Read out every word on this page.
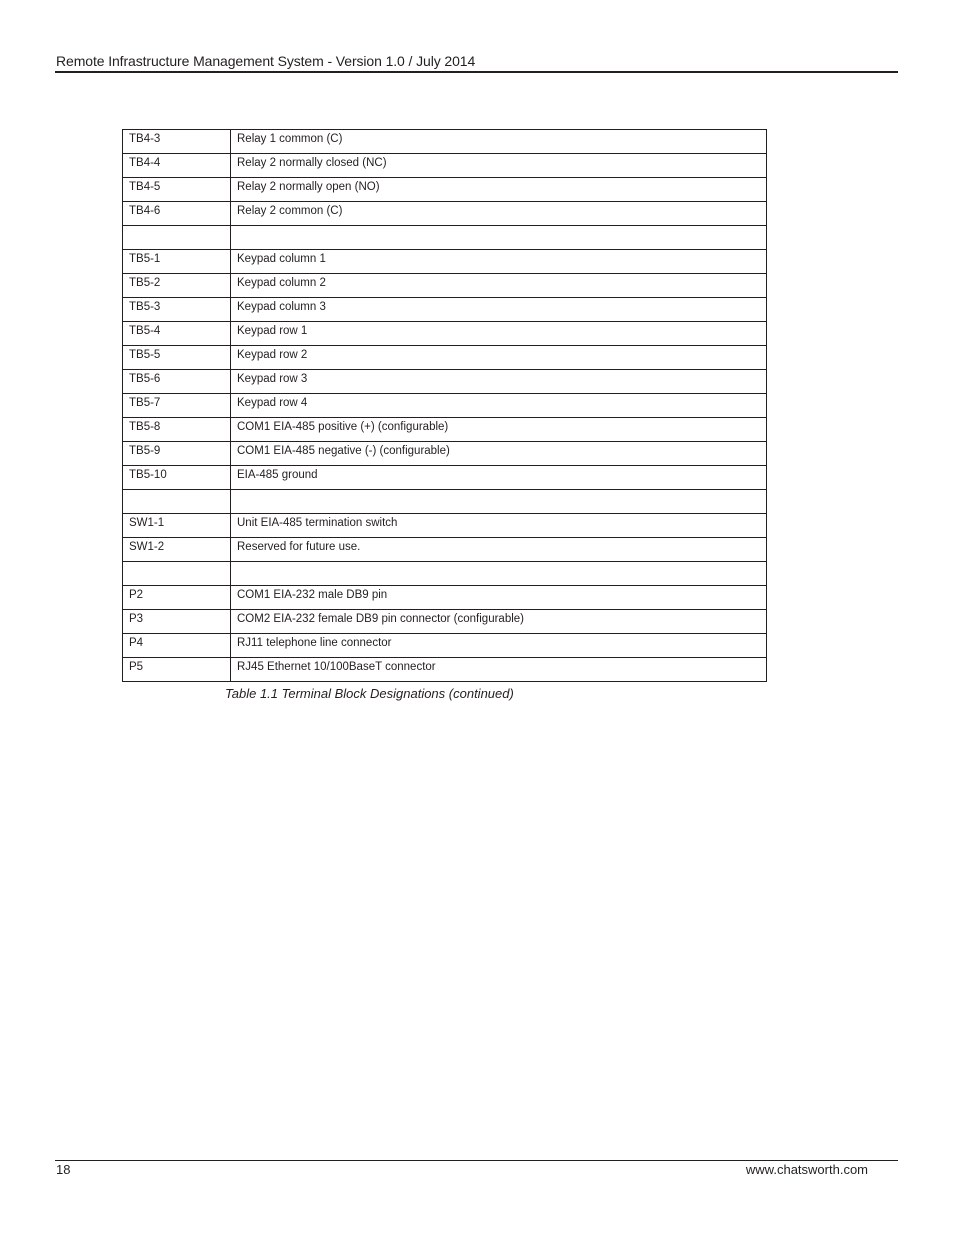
Remote Infrastructure Management System - Version 1.0 / July 2014
TB4-3	Relay 1 common (C)
TB4-4	Relay 2 normally closed (NC)
TB4-5	Relay 2 normally open (NO)
TB4-6	Relay 2 common (C)

TB5-1	Keypad column 1
TB5-2	Keypad column 2
TB5-3	Keypad column 3
TB5-4	Keypad row 1
TB5-5	Keypad row 2
TB5-6	Keypad row 3
TB5-7	Keypad row 4
TB5-8	COM1 EIA-485 positive (+) (configurable)
TB5-9	COM1 EIA-485 negative (-) (configurable)
TB5-10	EIA-485 ground

SW1-1	Unit EIA-485 termination switch
SW1-2	Reserved for future use.

P2	COM1 EIA-232 male DB9 pin
P3	COM2 EIA-232 female DB9 pin connector (configurable)
P4	RJ11 telephone line connector
P5	RJ45 Ethernet 10/100BaseT connector
Table 1.1 Terminal Block Designations (continued)
18	www.chatsworth.com
